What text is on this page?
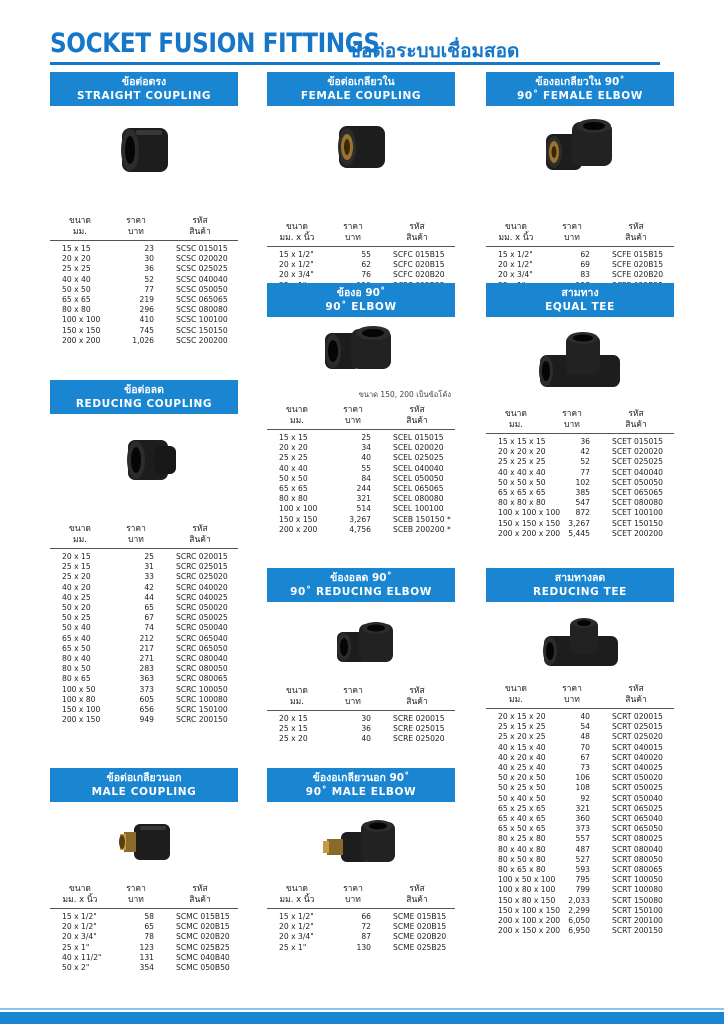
SOCKET FUSION FITTINGS
ข้อต่อระบบเชื่อมสอด
ข้อต่อตรง
STRAIGHT COUPLING
ขนาด
มม.
ราคา
บาท
รหัส
สินค้า
15 x 15	23	SCSC 015015
20 x 20	30	SCSC 020020
25 x 25	36	SCSC 025025
40 x 40	52	SCSC 040040
50 x 50	77	SCSC 050050
65 x 65	219	SCSC 065065
80 x 80	296	SCSC 080080
100 x 100	410	SCSC 100100
150 x 150	745	SCSC 150150
200 x 200	1,026	SCSC 200200
ข้อต่อลด
REDUCING COUPLING
ขนาด
มม.
ราคา
บาท
รหัส
สินค้า
20 x 15	25	SCRC 020015
25 x 15	31	SCRC 025015
25 x 20	33	SCRC 025020
40 x 20	42	SCRC 040020
40 x 25	44	SCRC 040025
50 x 20	65	SCRC 050020
50 x 25	67	SCRC 050025
50 x 40	74	SCRC 050040
65 x 40	212	SCRC 065040
65 x 50	217	SCRC 065050
80 x 40	271	SCRC 080040
80 x 50	283	SCRC 080050
80 x 65	363	SCRC 080065
100 x 50	373	SCRC 100050
100 x 80	605	SCRC 100080
150 x 100	656	SCRC 150100
200 x 150	949	SCRC 200150
ข้อต่อเกลียวนอก
MALE COUPLING
ขนาด
มม. x นิ้ว
ราคา
บาท
รหัส
สินค้า
15 x 1/2"	58	SCMC 015B15
20 x 1/2"	65	SCMC 020B15
20 x 3/4"	78	SCMC 020B20
25 x 1"	123	SCMC 025B25
40 x 11/2"	131	SCMC 040B40
50 x 2"	354	SCMC 050B50
ข้อต่อเกลียวใน
FEMALE COUPLING
ขนาด
มม. x นิ้ว
ราคา
บาท
รหัส
สินค้า
15 x 1/2"	55	SCFC 015B15
20 x 1/2"	62	SCFC 020B15
20 x 3/4"	76	SCFC 020B20
ข้องอ 90˚
90˚ ELBOW
ขนาด 150, 200 เป็นข้อโค้ง
ขนาด
มม.
ราคา
บาท
รหัส
สินค้า
15 x 15	25	SCEL 015015
20 x 20	34	SCEL 020020
25 x 25	40	SCEL 025025
40 x 40	55	SCEL 040040
50 x 50	84	SCEL 050050
65 x 65	244	SCEL 065065
80 x 80	321	SCEL 080080
100 x 100	514	SCEL 100100
150 x 150	3,267	SCEB 150150 *
200 x 200	4,756	SCEB 200200 *
ข้องอลด 90˚
90˚ REDUCING ELBOW
ขนาด
มม.
ราคา
บาท
รหัส
สินค้า
20 x 15	30	SCRE 020015
25 x 15	36	SCRE 025015
25 x 20	40	SCRE 025020
ข้องอเกลียวนอก 90˚
90˚ MALE ELBOW
ขนาด
มม. x นิ้ว
ราคา
บาท
รหัส
สินค้า
15 x 1/2"	66	SCME 015B15
20 x 1/2"	72	SCME 020B15
20 x 3/4"	87	SCME 020B20
25 x 1"	130	SCME 025B25
ข้องอเกลียวใน 90˚
90˚ FEMALE ELBOW
ขนาด
มม. x นิ้ว
ราคา
บาท
รหัส
สินค้า
15 x 1/2"	62	SCFE 015B15
20 x 1/2"	69	SCFE 020B15
20 x 3/4"	83	SCFE 020B20
สามทาง
EQUAL TEE
ขนาด
มม.
ราคา
บาท
รหัส
สินค้า
15 x 15 x 15	36	SCET 015015
20 x 20 x 20	42	SCET 020020
25 x 25 x 25	52	SCET 025025
40 x 40 x 40	77	SCET 040040
50 x 50 x 50	102	SCET 050050
65 x 65 x 65	385	SCET 065065
80 x 80 x 80	547	SCET 080080
100 x 100 x 100	872	SCET 100100
150 x 150 x 150	3,267	SCET 150150
200 x 200 x 200	5,445	SCET 200200
สามทางลด
REDUCING TEE
ขนาด
มม.
ราคา
บาท
รหัส
สินค้า
20 x 15 x 20	40	SCRT 020015
25 x 15 x 25	54	SCRT 025015
25 x 20 x 25	48	SCRT 025020
40 x 15 x 40	70	SCRT 040015
40 x 20 x 40	67	SCRT 040020
40 x 25 x 40	73	SCRT 040025
50 x 20 x 50	106	SCRT 050020
50 x 25 x 50	108	SCRT 050025
50 x 40 x 50	92	SCRT 050040
65 x 25 x 65	321	SCRT 065025
65 x 40 x 65	360	SCRT 065040
65 x 50 x 65	373	SCRT 065050
80 x 25 x 80	557	SCRT 080025
80 x 40 x 80	487	SCRT 080040
80 x 50 x 80	527	SCRT 080050
80 x 65 x 80	593	SCRT 080065
100 x 50 x 100	795	SCRT 100050
100 x 80 x 100	799	SCRT 100080
150 x 80 x 150	2,033	SCRT 150080
150 x 100 x 150	2,299	SCRT 150100
200 x 100 x 200	6,050	SCRT 200100
200 x 150 x 200	6,950	SCRT 200150
